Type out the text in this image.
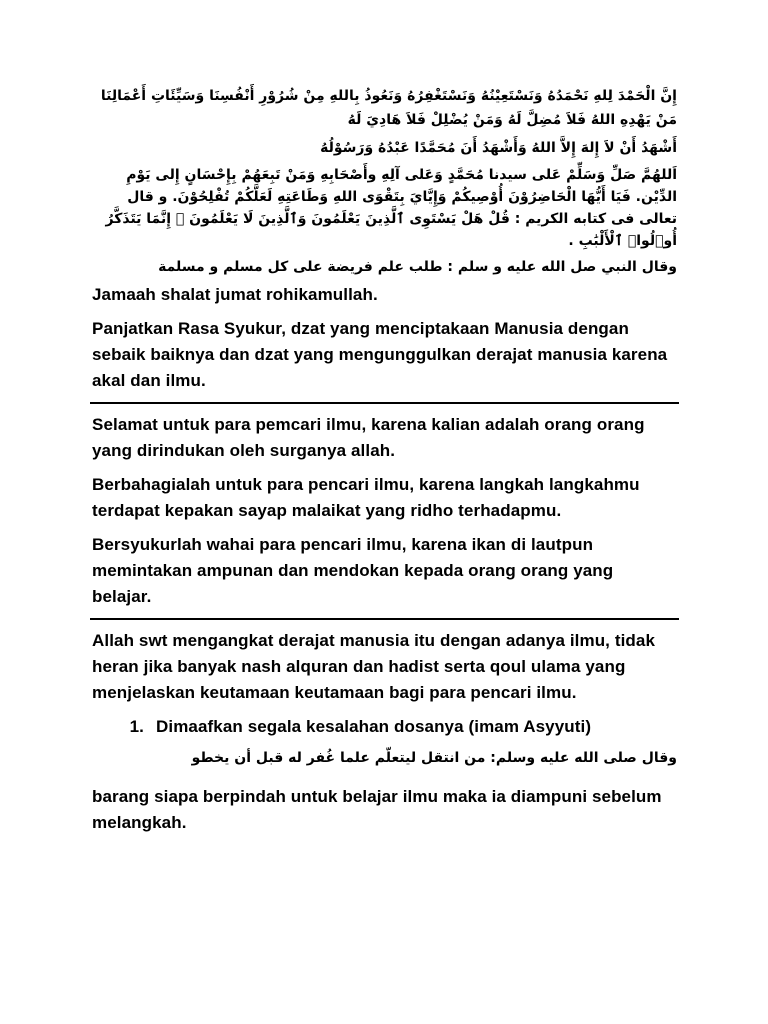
إِنَّ الْحَمْدَ لِلهِ نَحْمَدُهُ وَنَسْتَعِيْنُهُ وَنَسْتَغْفِرُهُ وَنَعُوذُ بِاللهِ مِنْ شُرُوْرِ أَنْفُسِنَا وَسَيِّئَاتِ أَعْمَالِنَا مَنْ يَهْدِهِ اللهُ فَلاَ مُضِلَّ لَهُ وَمَنْ يُضْلِلْ فَلاَ هَادِيَ لَهُ
أَشْهَدُ أَنْ لاَ إِلهَ إِلاَّ اللهُ وَأَشْهَدُ أَنَ مُحَمَّدًا عَبْدُهُ وَرَسُوْلُهُ
اَللهُمَّ صَلِّ وَسَلِّمْ عَلى سيدنا مُحَمَّدٍ وَعَلى آلِهِ وأَصْحَابِهِ وَمَنْ تَبِعَهُمْ بِإِحْسَانٍ إِلى يَوْمِ الدِّيْن. فَيَا أَيُّهَا الْحَاضِرُوْنَ أُوْصِيكُمْ وَإِيَّايَ بِتَقْوَى اللهِ وَطَاعَتِهِ لَعَلَّكُمْ تُفْلِحُوْنَ. و قال تعالى فى كتابه الكريم : قُلْ هَلْ يَسْتَوِى ٱلَّذِينَ يَعْلَمُونَ وَٱلَّذِينَ لَا يَعْلَمُونَ ۗ إِنَّمَا يَتَذَكَّرُ أُو۟لُوا۟ ٱلْأَلْبَٰبِ .
وقال النبي صل الله عليه و سلم : طلب علم فريضة على كل مسلم و مسلمة
Jamaah shalat jumat rohikamullah.
Panjatkan Rasa Syukur, dzat yang menciptakaan Manusia dengan sebaik baiknya dan dzat yang mengunggulkan derajat manusia karena akal dan ilmu.
Selamat untuk para pemcari ilmu, karena kalian adalah orang orang yang dirindukan oleh surganya allah.
Berbahagialah untuk para pencari ilmu, karena langkah langkahmu terdapat kepakan sayap malaikat yang ridho terhadapmu.
Bersyukurlah wahai para pencari ilmu, karena ikan di lautpun memintakan ampunan dan mendokan kepada orang orang yang belajar.
Allah swt mengangkat derajat manusia itu dengan adanya ilmu, tidak heran jika banyak nash alquran dan hadist serta qoul ulama yang menjelaskan keutamaan keutamaan bagi para pencari ilmu.
1. Dimaafkan segala kesalahan dosanya (imam Asyyuti)
وقال صلى الله عليه وسلم: من انتقل ليتعلّم علما غُفر له قبل أن يخطو
barang siapa berpindah untuk belajar ilmu maka ia diampuni sebelum melangkah.
